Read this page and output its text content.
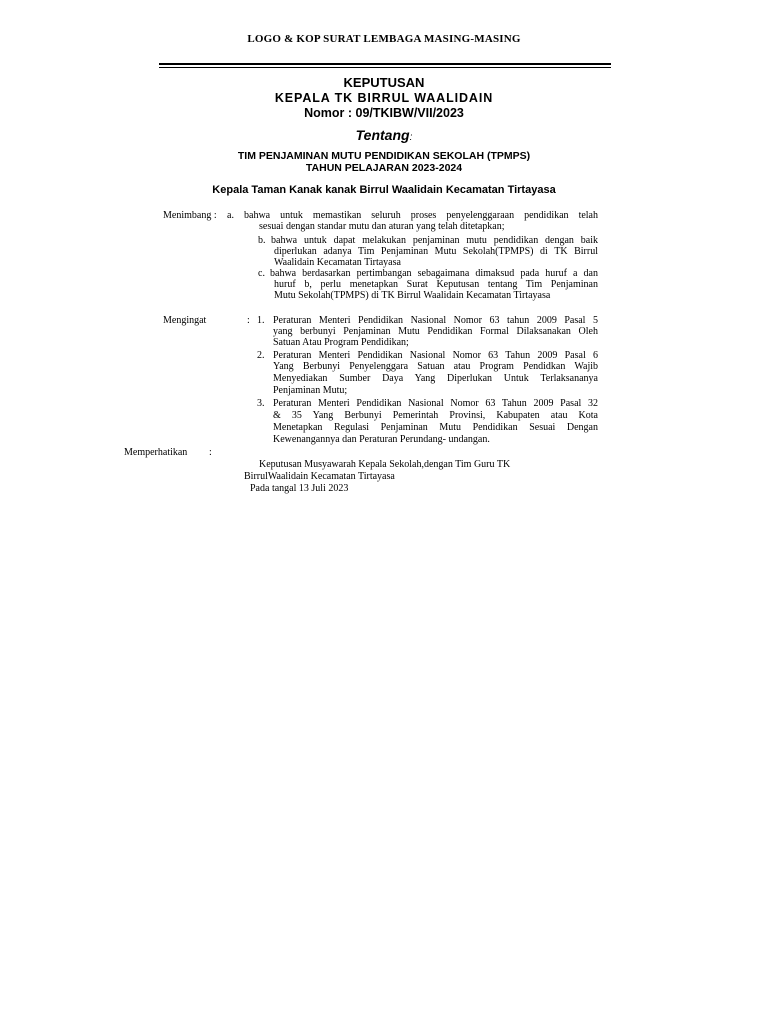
LOGO & KOP SURAT LEMBAGA MASING-MASING
KEPUTUSAN
KEPALA TK BIRRUL WAALIDAIN
Nomor : 09/TKIBW/VII/2023
Tentang:
TIM PENJAMINAN MUTU PENDIDIKAN SEKOLAH (TPMPS)
TAHUN PELAJARAN 2023-2024
Kepala Taman Kanak kanak Birrul Waalidain Kecamatan Tirtayasa
Menimbang : a. bahwa untuk memastikan seluruh proses penyelenggaraan pendidikan telah
sesuai dengan standar mutu dan aturan yang telah ditetapkan;
b. bahwa untuk dapat melakukan penjaminan mutu pendidikan dengan baik
diperlukan adanya Tim Penjaminan Mutu Sekolah(TPMPS) di TK Birrul
Waalidain Kecamatan Tirtayasa
c. bahwa berdasarkan pertimbangan sebagaimana dimaksud pada huruf a dan
huruf b, perlu menetapkan Surat Keputusan tentang Tim Penjaminan
Mutu Sekolah(TPMPS) di TK Birrul Waalidain Kecamatan Tirtayasa
Mengingat	: 1. Peraturan Menteri Pendidikan Nasional Nomor 63 tahun 2009 Pasal 5
yang berbunyi Penjaminan Mutu Pendidikan Formal Dilaksanakan Oleh
Satuan Atau Program Pendidikan;
2. Peraturan Menteri Pendidikan Nasional Nomor 63 Tahun 2009 Pasal 6
Yang Berbunyi Penyelenggara Satuan atau Program Pendidkan Wajib
Menyediakan Sumber Daya Yang Diperlukan Untuk Terlaksananya
Penjaminan Mutu;
3. Peraturan Menteri Pendidikan Nasional Nomor 63 Tahun 2009 Pasal 32
& 35 Yang Berbunyi Pemerintah Provinsi, Kabupaten atau Kota
Menetapkan Regulasi Penjaminan Mutu Pendidikan Sesuai Dengan
Kewenangannya dan Peraturan Perundang- undangan.
Memperhatikan :
Keputusan Musyawarah Kepala Sekolah,dengan Tim Guru TK
BirrulWaalidain Kecamatan Tirtayasa
Pada tangal 13 Juli 2023
